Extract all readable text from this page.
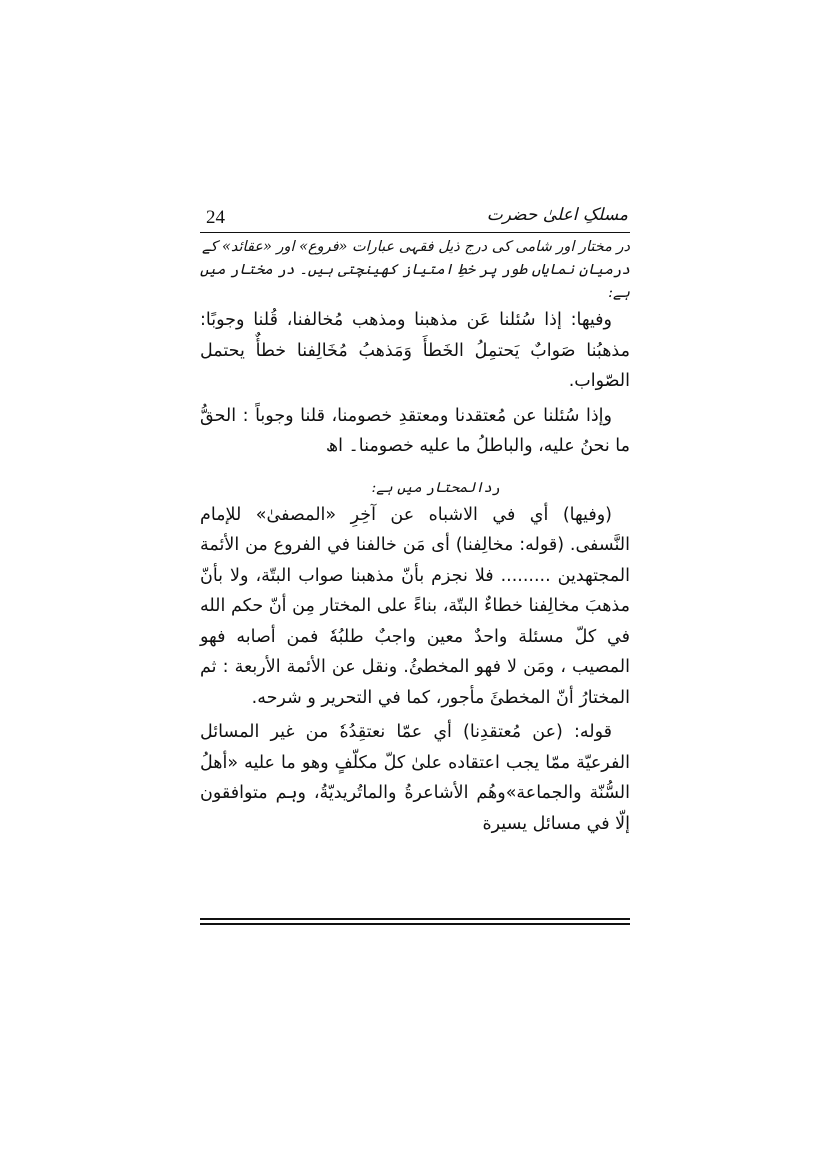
24	مسلکِ اعلیٰ حضرت

در مختار اور شامی کی درج ذیل فقہی عبارات «فروع» اور «عقائد» کے

درمیان نمایاں طور پر خطِ امتیاز کھینچتی ہیں۔ در مختار میں ہے:

وفيها: إذا سُئلنا عَن مذهبنا ومذهب مُخالفنا، قُلنا وجوبًا: مذهبُنا صَوابٌ يَحتمِلُ الخَطأَ وَمَذهبُ مُخَالِفنا خطأٌ يحتمل الصّواب.

وإذا سُئلنا عن مُعتقدنا ومعتقدِ خصومنا، قلنا وجوباً : الحقُّ ما نحنُ عليه، والباطلُ ما عليه خصومنا۔ اھ

ردالمحتار میں ہے:

(وفيها) أي في الاشباه عن آخِرِ «المصفىٰ» للإمام النَّسفى. (قوله: مخالِفنا) أى مَن خالفنا في الفروع من الأئمة المجتهدين ......... فلا نجزم بأنّ مذهبنا صواب البتّة، ولا بأنّ مذهبَ مخالِفنا خطاءٌ البتّة، بناءً على المختار مِن أنّ حكم الله في كلّ مسئلة واحدٌ معين واجبٌ طلبُهٗ فمن أصابه فهو المصيب ، ومَن لا فهو المخطئُ. ونقل عن الأئمة الأربعة : ثم المختارُ أنّ المخطئَ مأجور، كما في التحرير و شرحه.

قوله: (عن مُعتقدِنا) أي عمّا نعتقِدُهٗ من غير المسائل الفرعيّة ممّا يجب اعتقاده علىٰ كلّ مكلّفٍ وهو ما عليه «أهلُ السُّنّة والجماعة»وهُم الأشاعرةُ والماتُريديّةُ، وہم متوافقون إلّا في مسائل يسيرة
